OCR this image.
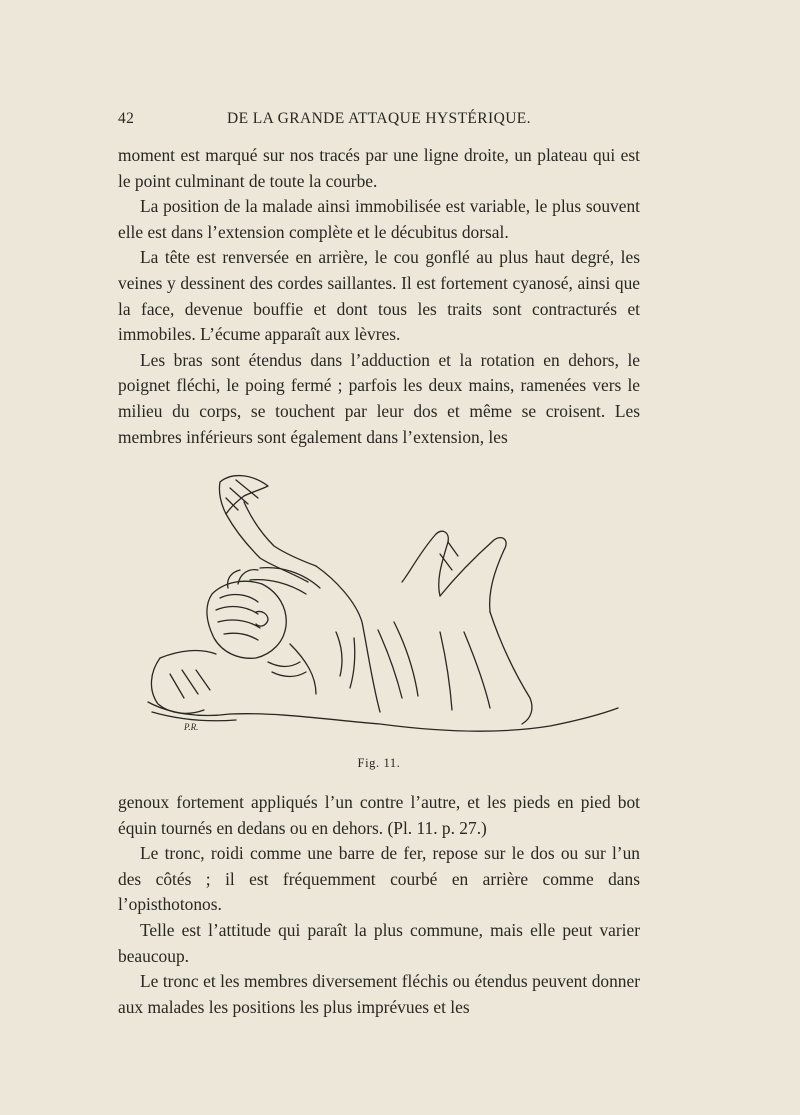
42	DE LA GRANDE ATTAQUE HYSTÉRIQUE.

moment est marqué sur nos tracés par une ligne droite, un plateau qui est le point culminant de toute la courbe.

La position de la malade ainsi immobilisée est variable, le plus souvent elle est dans l’extension complète et le décubitus dorsal.

La tête est renversée en arrière, le cou gonflé au plus haut degré, les veines y dessinent des cordes saillantes. Il est fortement cyanosé, ainsi que la face, devenue bouffie et dont tous les traits sont contracturés et immobiles. L’écume apparaît aux lèvres.

Les bras sont étendus dans l’adduction et la rotation en dehors, le poignet fléchi, le poing fermé ; parfois les deux mains, ramenées vers le milieu du corps, se touchent par leur dos et même se croisent. Les membres inférieurs sont également dans l’extension, les

P.R.
Fig. 11.

genoux fortement appliqués l’un contre l’autre, et les pieds en pied bot équin tournés en dedans ou en dehors. (Pl. 11. p. 27.)

Le tronc, roidi comme une barre de fer, repose sur le dos ou sur l’un des côtés ; il est fréquemment courbé en arrière comme dans l’opisthotonos.

Telle est l’attitude qui paraît la plus commune, mais elle peut varier beaucoup.

Le tronc et les membres diversement fléchis ou étendus peuvent donner aux malades les positions les plus imprévues et les
